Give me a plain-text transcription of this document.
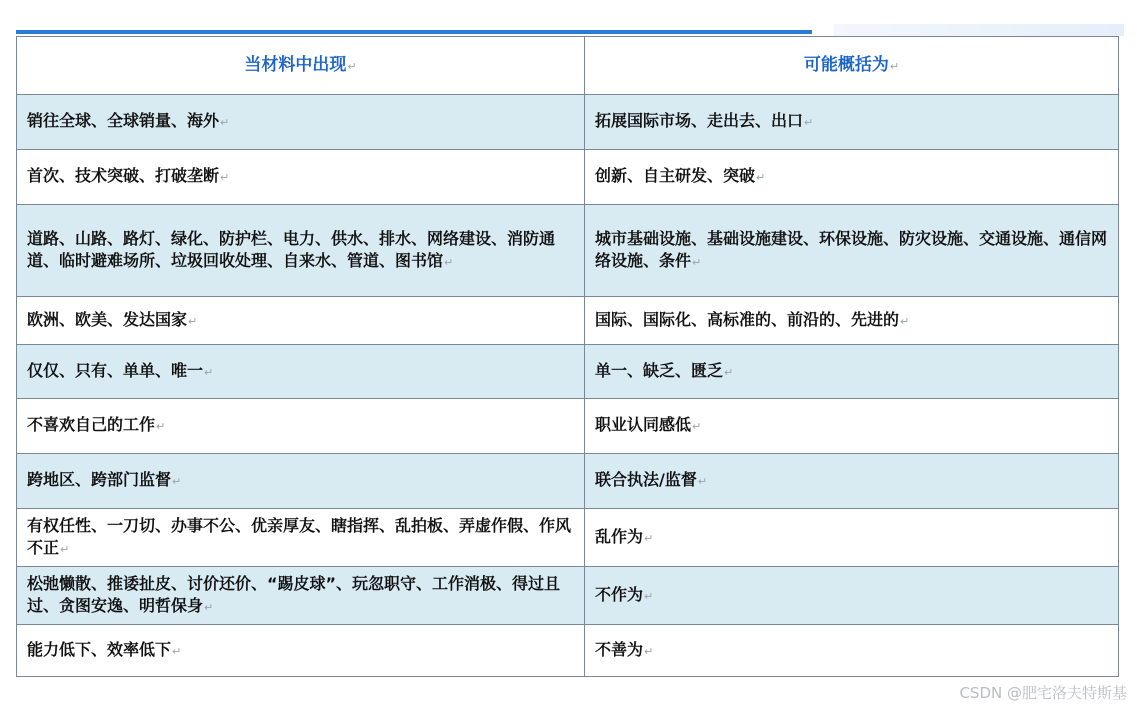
当材料中出现↵	可能概括为↵
销往全球、全球销量、海外↵	拓展国际市场、走出去、出口↵
首次、技术突破、打破垄断↵	创新、自主研发、突破↵
道路、山路、路灯、绿化、防护栏、电力、供水、排水、网络建设、消防通道、临时避难场所、垃圾回收处理、自来水、管道、图书馆↵	城市基础设施、基础设施建设、环保设施、防灾设施、交通设施、通信网络设施、条件↵
欧洲、欧美、发达国家↵	国际、国际化、高标准的、前沿的、先进的↵
仅仅、只有、单单、唯一↵	单一、缺乏、匮乏↵
不喜欢自己的工作↵	职业认同感低↵
跨地区、跨部门监督↵	联合执法/监督↵
有权任性、一刀切、办事不公、优亲厚友、瞎指挥、乱拍板、弄虚作假、作风不正↵	乱作为↵
松弛懒散、推诿扯皮、讨价还价、“踢皮球”、玩忽职守、工作消极、得过且过、贪图安逸、明哲保身↵	不作为↵
能力低下、效率低下↵	不善为↵
CSDN @肥宅洛夫特斯基
